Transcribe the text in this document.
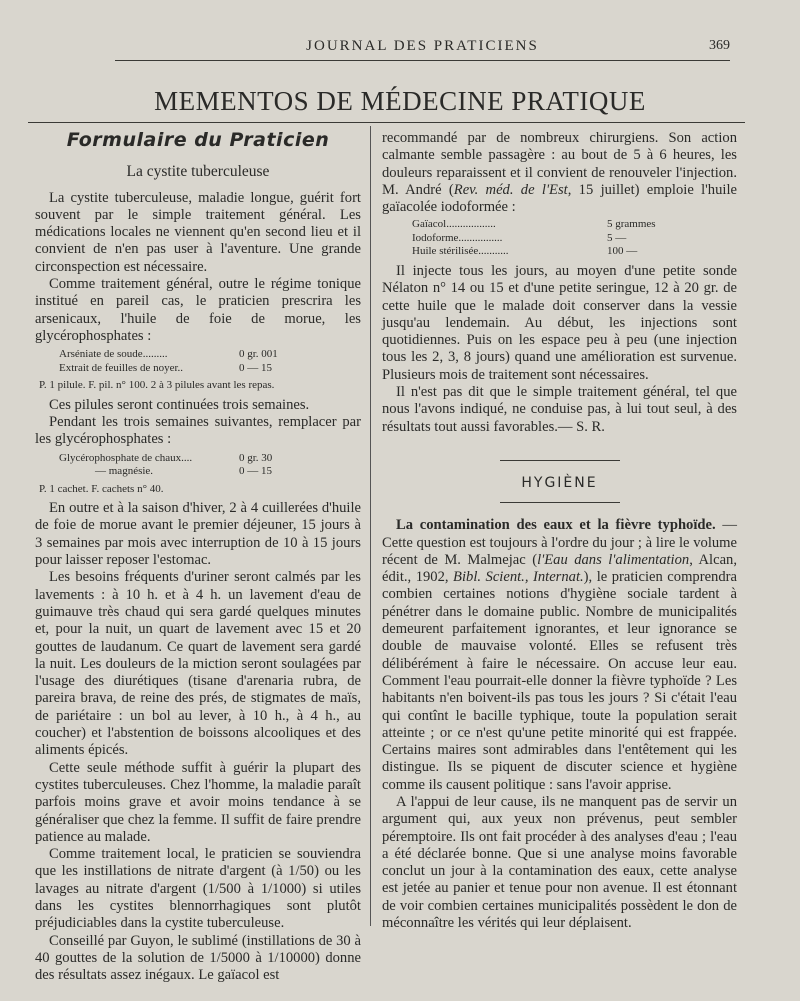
JOURNAL DES PRATICIENS	369
MEMENTOS DE MÉDECINE PRATIQUE
Formulaire du Praticien
La cystite tuberculeuse

La cystite tuberculeuse, maladie longue, guérit fort souvent par le simple traitement général. Les médications locales ne viennent qu'en second lieu et il convient de n'en pas user à l'aventure. Une grande circonspection est nécessaire.

Comme traitement général, outre le régime tonique institué en pareil cas, le praticien prescrira les arsenicaux, l'huile de foie de morue, les glycérophosphates :

Arséniate de soude.........	0 gr. 001
Extrait de feuilles de noyer..	0 — 15
P. 1 pilule. F. pil. n° 100. 2 à 3 pilules avant les repas.

Ces pilules seront continuées trois semaines.

Pendant les trois semaines suivantes, remplacer par les glycérophosphates :

Glycérophosphate de chaux....	0 gr. 30
— magnésie.	0 — 15
P. 1 cachet. F. cachets n° 40.

En outre et à la saison d'hiver, 2 à 4 cuillerées d'huile de foie de morue avant le premier déjeuner, 15 jours à 3 semaines par mois avec interruption de 10 à 15 jours pour laisser reposer l'estomac.

Les besoins fréquents d'uriner seront calmés par les lavements : à 10 h. et à 4 h. un lavement d'eau de guimauve très chaud qui sera gardé quelques minutes et, pour la nuit, un quart de lavement avec 15 et 20 gouttes de laudanum. Ce quart de lavement sera gardé la nuit. Les douleurs de la miction seront soulagées par l'usage des diurétiques (tisane d'arenaria rubra, de pareira brava, de reine des prés, de stigmates de maïs, de pariétaire : un bol au lever, à 10 h., à 4 h., au coucher) et l'abstention de boissons alcooliques et des aliments épicés.

Cette seule méthode suffit à guérir la plupart des cystites tuberculeuses. Chez l'homme, la maladie paraît parfois moins grave et avoir moins tendance à se généraliser que chez la femme. Il suffit de faire prendre patience au malade.

Comme traitement local, le praticien se souviendra que les instillations de nitrate d'argent (à 1/50) ou les lavages au nitrate d'argent (1/500 à 1/1000) si utiles dans les cystites blennorrhagiques sont plutôt préjudiciables dans la cystite tuberculeuse.

Conseillé par Guyon, le sublimé (instillations de 30 à 40 gouttes de la solution de 1/5000 à 1/10000) donne des résultats assez inégaux. Le gaïacol est

recommandé par de nombreux chirurgiens. Son action calmante semble passagère : au bout de 5 à 6 heures, les douleurs reparaissent et il convient de renouveler l'injection. M. André (Rev. méd. de l'Est, 15 juillet) emploie l'huile gaïacolée iodoformée :

Gaïacol..................	5 grammes
Iodoforme................	5 —
Huile stérilisée...........	100 —

Il injecte tous les jours, au moyen d'une petite sonde Nélaton n° 14 ou 15 et d'une petite seringue, 12 à 20 gr. de cette huile que le malade doit conserver dans la vessie jusqu'au lendemain. Au début, les injections sont quotidiennes. Puis on les espace peu à peu (une injection tous les 2, 3, 8 jours) quand une amélioration est survenue. Plusieurs mois de traitement sont nécessaires.

Il n'est pas dit que le simple traitement général, tel que nous l'avons indiqué, ne conduise pas, à lui tout seul, à des résultats tout aussi favorables.— S. R.

HYGIÈNE

La contamination des eaux et la fièvre typhoïde. — Cette question est toujours à l'ordre du jour ; à lire le volume récent de M. Malmejac (l'Eau dans l'alimentation, Alcan, édit., 1902, Bibl. Scient., Internat.), le praticien comprendra combien certaines notions d'hygiène sociale tardent à pénétrer dans le domaine public. Nombre de municipalités demeurent parfaitement ignorantes, et leur ignorance se double de mauvaise volonté. Elles se refusent très délibérément à faire le nécessaire. On accuse leur eau. Comment l'eau pourrait-elle donner la fièvre typhoïde ? Les habitants n'en boivent-ils pas tous les jours ? Si c'était l'eau qui contînt le bacille typhique, toute la population serait atteinte ; or ce n'est qu'une petite minorité qui est frappée. Certains maires sont admirables dans l'entêtement qui les distingue. Ils se piquent de discuter science et hygiène comme ils causent politique : sans l'avoir apprise.

A l'appui de leur cause, ils ne manquent pas de servir un argument qui, aux yeux non prévenus, peut sembler péremptoire. Ils ont fait procéder à des analyses d'eau ; l'eau a été déclarée bonne. Que si une analyse moins favorable conclut un jour à la contamination des eaux, cette analyse est jetée au panier et tenue pour non avenue. Il est étonnant de voir combien certaines municipalités possèdent le don de méconnaître les vérités qui leur déplaisent.
